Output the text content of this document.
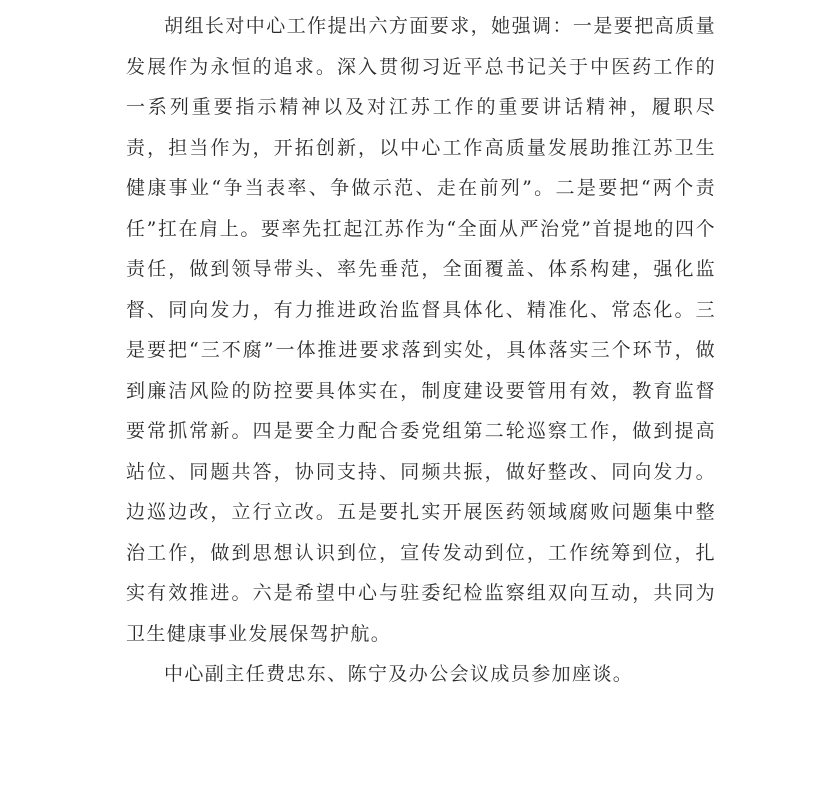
胡组长对中心工作提出六方面要求，她强调：一是要把高质量发展作为永恒的追求。深入贯彻习近平总书记关于中医药工作的一系列重要指示精神以及对江苏工作的重要讲话精神，履职尽责，担当作为，开拓创新，以中心工作高质量发展助推江苏卫生健康事业“争当表率、争做示范、走在前列”。二是要把“两个责任”扛在肩上。要率先扛起江苏作为“全面从严治党”首提地的四个责任，做到领导带头、率先垂范，全面覆盖、体系构建，强化监督、同向发力，有力推进政治监督具体化、精准化、常态化。三是要把“三不腐”一体推进要求落到实处，具体落实三个环节，做到廉洁风险的防控要具体实在，制度建设要管用有效，教育监督要常抓常新。四是要全力配合委党组第二轮巡察工作，做到提高站位、同题共答，协同支持、同频共振，做好整改、同向发力。边巡边改，立行立改。五是要扎实开展医药领域腐败问题集中整治工作，做到思想认识到位，宣传发动到位，工作统筹到位，扎实有效推进。六是希望中心与驻委纪检监察组双向互动，共同为卫生健康事业发展保驾护航。

中心副主任费忠东、陈宁及办公会议成员参加座谈。
